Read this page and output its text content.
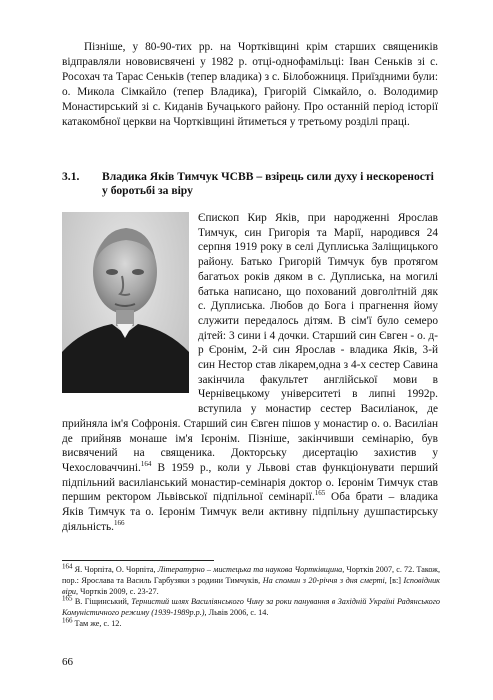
Пізніше, у 80-90-тих рр. на Чортківщині крім старших священиків відправляли нововисвячені у 1982 р. отці-однофамільці: Іван Сеньків зі с. Росохач та Тарас Сеньків (тепер владика) з с. Білобожниця. Приїздними були: о. Микола Сімкайло (тепер Владика), Григорій Сімкайло, о. Володимир Монастирський зі с. Киданів Бучацького району. Про останній період історії катакомбної церкви на Чортківщині йтиметься у третьому розділі праці.

3.1. Владика Яків Тимчук ЧСВВ – взірець сили духу і нескореності у боротьбі за віру
Єпископ Кир Яків, при народженні Ярослав Тимчук, син Григорія та Марії, народився 24 серпня 1919 року в селі Дуплиська Заліщицького району. Батько Григорій Тимчук був протягом багатьох років дяком в с. Дуплиська, на могилі батька написано, що похований довголітній дяк с. Дуплиська. Любов до Бога і прагнення йому служити передалось дітям. В сім'ї було семеро дітей: 3 сини і 4 дочки. Старший син Євген - о. д-р Єронім, 2-й син Ярослав - владика Яків, 3-й син Нестор став лікарем,одна з 4-х сестер Савина закінчила факультет англійської мови в Чернівецькому університеті в липні 1992р. вступила у монастир сестер Василіанок, де прийняла ім'я Софронія. Старший син Євген пішов у монастир о. о. Василіан де прийняв монаше ім'я Ієронім. Пізніше, закінчивши семінарію, був висвячений на священика. Докторську дисертацію захистив у Чехословаччині.$^{164}$ В 1959 р., коли у Львові став функціонувати перший підпільний василіанський монастир-семінарія доктор о. Ієронім Тимчук став першим ректором Львівської підпільної семінарії.$^{165}$ Оба брати – владика Яків Тимчук та о. Ієронім Тимчук вели активну підпільну душпастирську діяльність.$^{166}$

$^{164}$ Я. Чорпіта, О. Чорпіта, Літературно – мистецька та наукова Чортківщина, Чортків 2007, с. 72. Також, пор.: Ярослава та Василь Гарбузяки з родини Тимчуків, На спомин з 20-річчя з дня смерті, [в:] Ісповідник віри, Чортків 2009, с. 23-27.

$^{165}$ В. Гіщинський, Тернистий шлях Василіянського Чину за роки панування в Західній Україні Радянського Комуністичного режиму (1939-1989р.р.), Львів 2006, с. 14.

$^{166}$ Там же, с. 12.

66
